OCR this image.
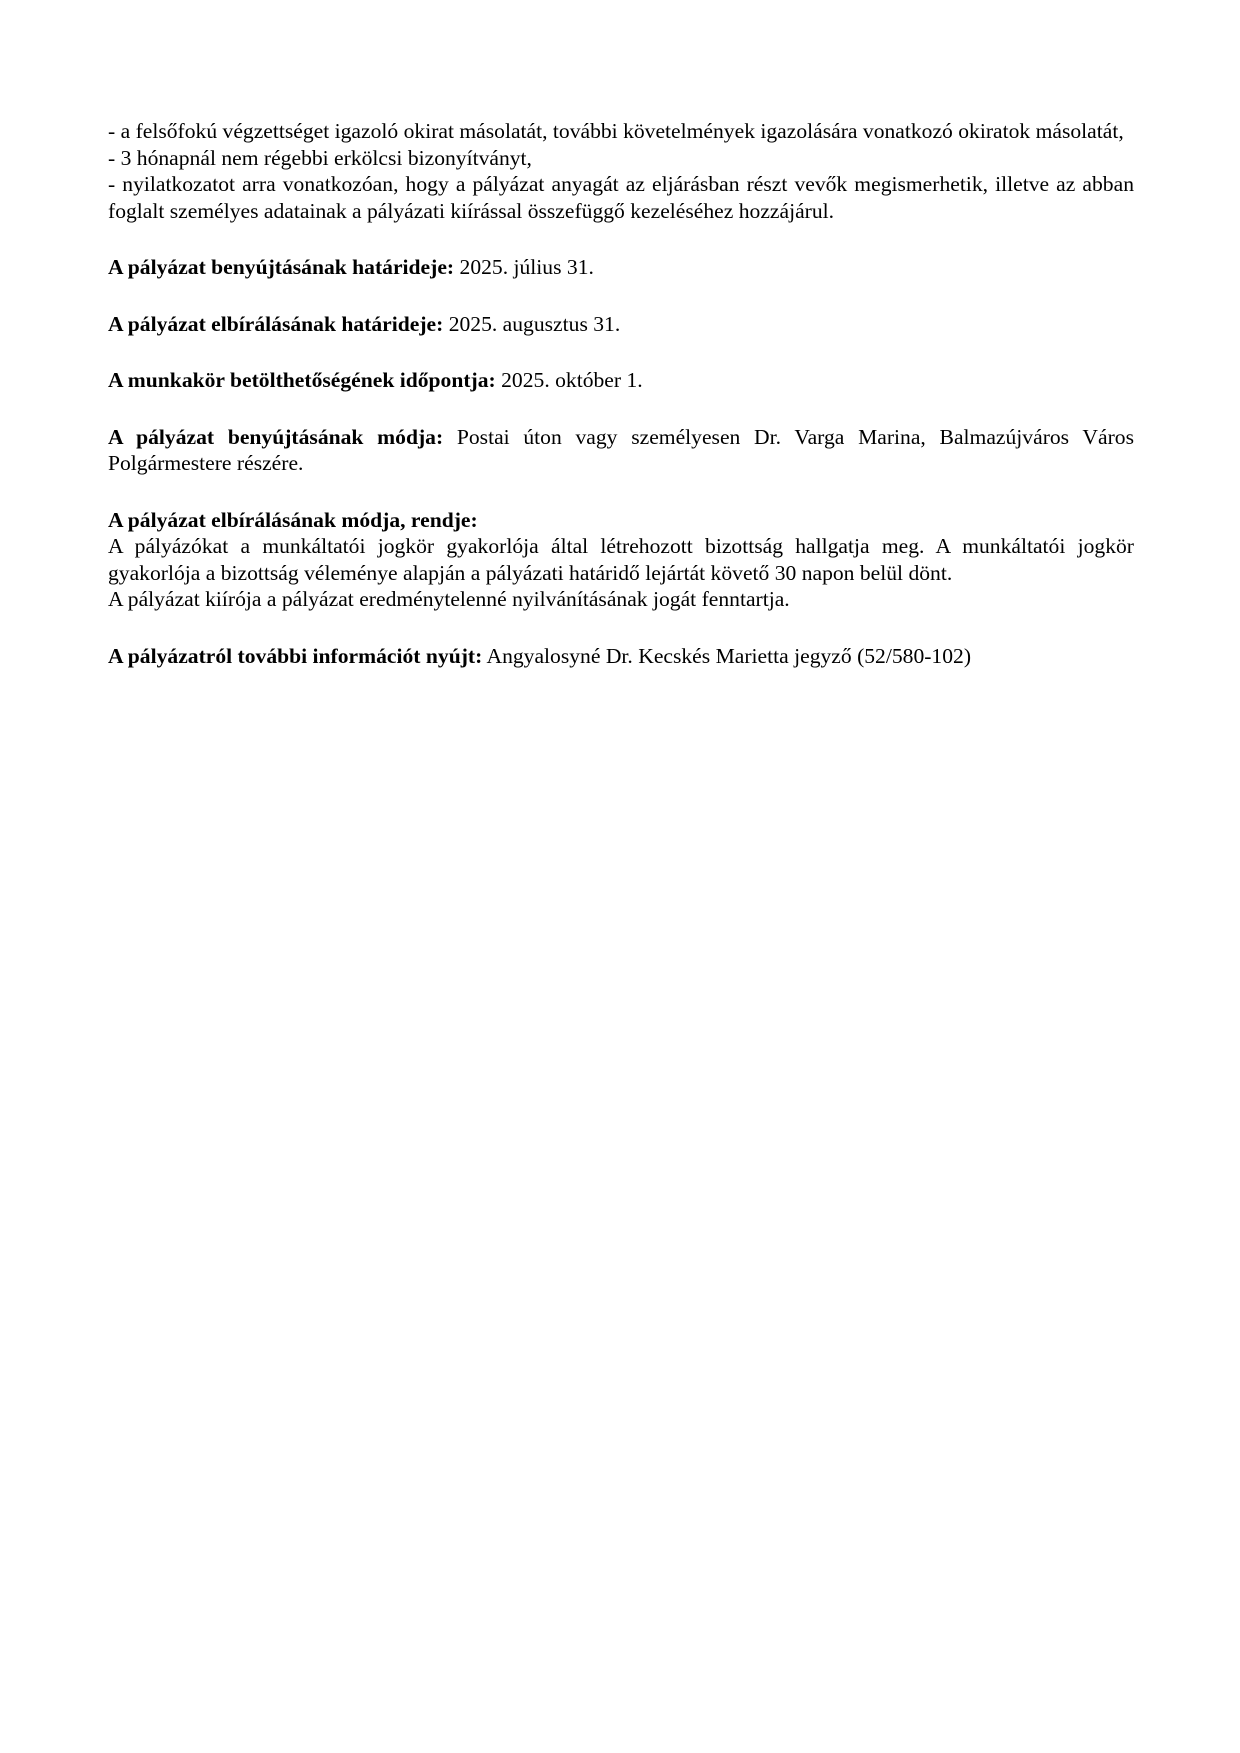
- a felsőfokú végzettséget igazoló okirat másolatát, további követelmények igazolására vonatkozó okiratok másolatát,

- 3 hónapnál nem régebbi erkölcsi bizonyítványt,

- nyilatkozatot arra vonatkozóan, hogy a pályázat anyagát az eljárásban részt vevők megismerhetik, illetve az abban foglalt személyes adatainak a pályázati kiírással összefüggő kezeléséhez hozzájárul.

A pályázat benyújtásának határideje: 2025. július 31.

A pályázat elbírálásának határideje: 2025. augusztus 31.

A munkakör betölthetőségének időpontja: 2025. október 1.

A pályázat benyújtásának módja: Postai úton vagy személyesen Dr. Varga Marina, Balmazújváros Város Polgármestere részére.

A pályázat elbírálásának módja, rendje:

A pályázókat a munkáltatói jogkör gyakorlója által létrehozott bizottság hallgatja meg. A munkáltatói jogkör gyakorlója a bizottság véleménye alapján a pályázati határidő lejártát követő 30 napon belül dönt.

A pályázat kiírója a pályázat eredménytelenné nyilvánításának jogát fenntartja.

A pályázatról további információt nyújt: Angyalosyné Dr. Kecskés Marietta jegyző (52/580-102)
